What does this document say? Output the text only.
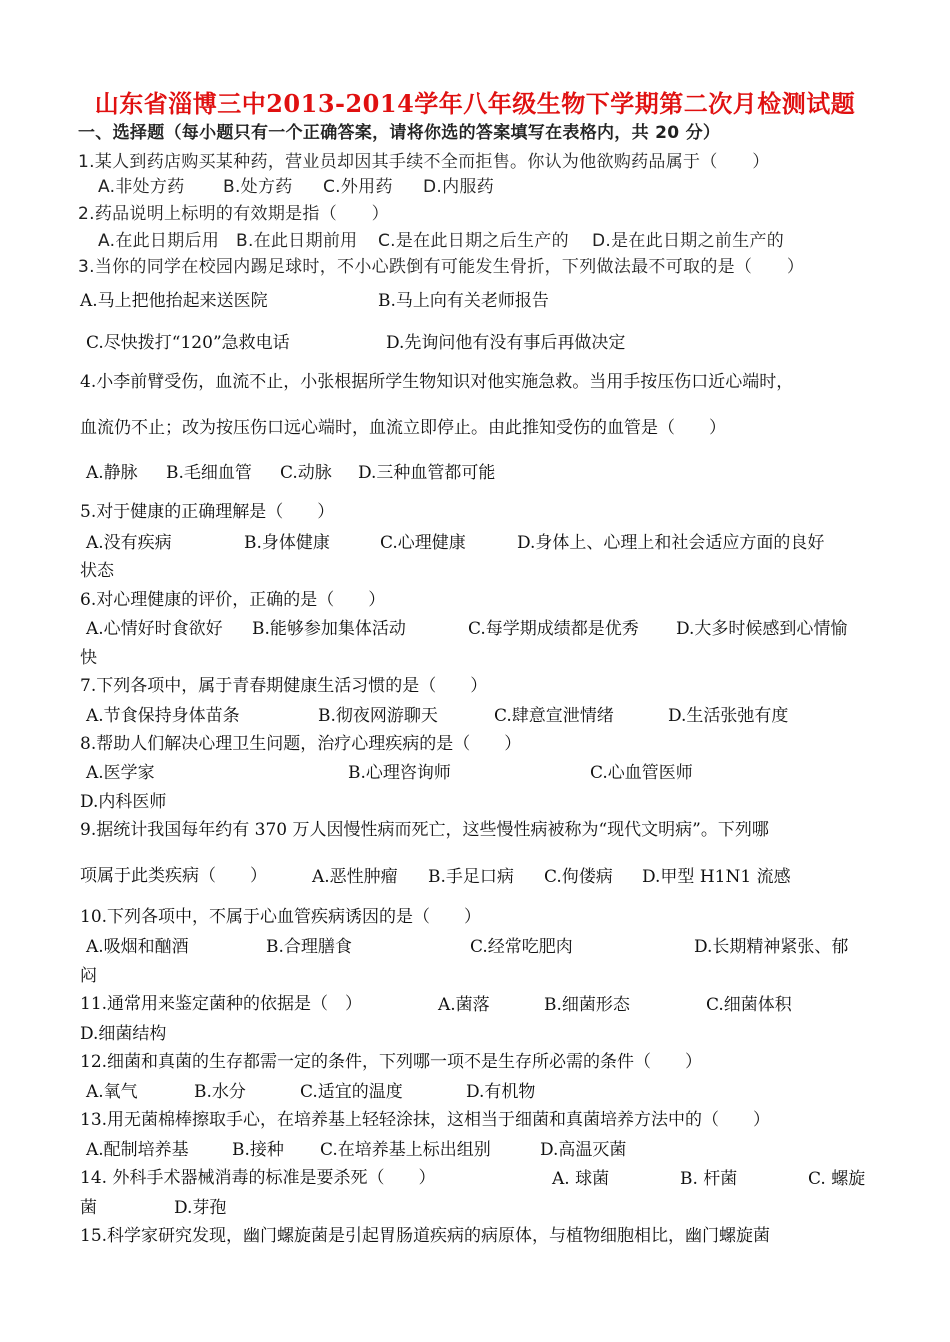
山东省淄博三中2013-2014学年八年级生物下学期第二次月检测试题
一、选择题（每小题只有一个正确答案，请将你选的答案填写在表格内，共 20 分）
1.某人到药店购买某种药，营业员却因其手续不全而拒售。你认为他欲购药品属于（　　）
A.非处方药 B.处方药 C.外用药 D.内服药
2.药品说明上标明的有效期是指（　　）
A.在此日期后用 B.在此日期前用 C.是在此日期之后生产的 D.是在此日期之前生产的
3.当你的同学在校园内踢足球时，不小心跌倒有可能发生骨折，下列做法最不可取的是（　　）
A.马上把他抬起来送医院	B.马上向有关老师报告
C.尽快拨打“120”急救电话	D.先询问他有没有事后再做决定
4.小李前臂受伤，血流不止，小张根据所学生物知识对他实施急救。当用手按压伤口近心端时，
血流仍不止；改为按压伤口远心端时，血流立即停止。由此推知受伤的血管是（　　）
A.静脉 B.毛细血管 C.动脉 D.三种血管都可能
5.对于健康的正确理解是（　　）
A.没有疾病	B.身体健康	C.心理健康	D.身体上、心理上和社会适应方面的良好
状态
6.对心理健康的评价，正确的是（　　）
A.心情好时食欲好 B.能够参加集体活动	C.每学期成绩都是优秀 D.大多时候感到心情愉
快
7.下列各项中，属于青春期健康生活习惯的是（　　）
A.节食保持身体苗条	B.彻夜网游聊天	C.肆意宣泄情绪	D.生活张弛有度
8.帮助人们解决心理卫生问题，治疗心理疾病的是（　　）
A.医学家	B.心理咨询师	C.心血管医师
D.内科医师
9.据统计我国每年约有 370 万人因慢性病而死亡，这些慢性病被称为“现代文明病”。下列哪
项属于此类疾病（　　）	A.恶性肿瘤 B.手足口病 C.佝偻病 D.甲型 H1N1 流感
10.下列各项中，不属于心血管疾病诱因的是（　　）
A.吸烟和酗酒	B.合理膳食	C.经常吃肥肉	D.长期精神紧张、郁
闷
11.通常用来鉴定菌种的依据是（　）	A.菌落	B.细菌形态	C.细菌体积
D.细菌结构
12.细菌和真菌的生存都需一定的条件，下列哪一项不是生存所必需的条件（　　）
A.氧气	B.水分	C.适宜的温度	D.有机物
13.用无菌棉棒擦取手心，在培养基上轻轻涂抹，这相当于细菌和真菌培养方法中的（　　）
A.配制培养基	B.接种 C.在培养基上标出组别	D.高温灭菌
14. 外科手术器械消毒的标准是要杀死（　　）	A. 球菌	B. 杆菌	C. 螺旋
菌	D.芽孢
15.科学家研究发现，幽门螺旋菌是引起胃肠道疾病的病原体，与植物细胞相比，幽门螺旋菌
